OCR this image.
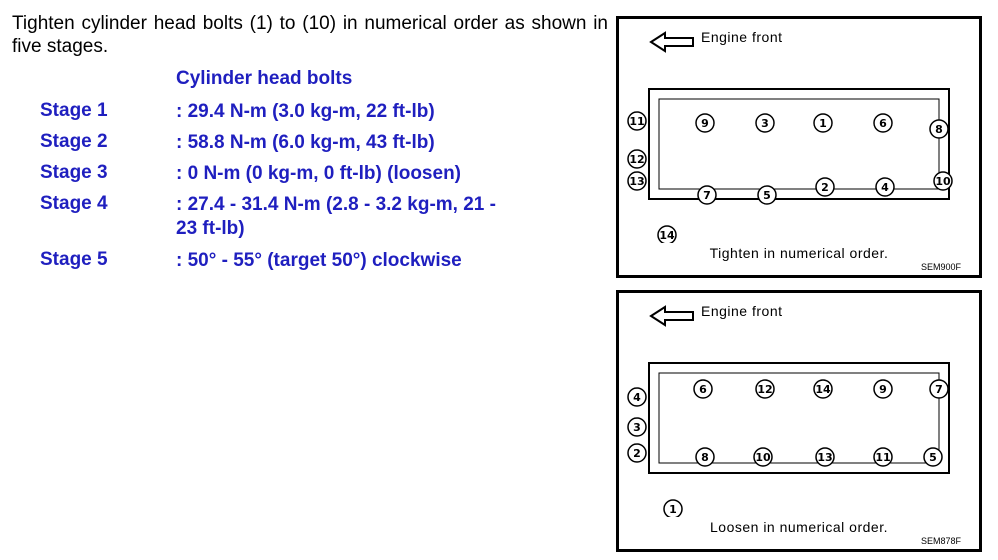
Tighten cylinder head bolts (1) to (10) in numerical order as shown in five stages.
Cylinder head bolts
Stage 1	: 29.4 N-m (3.0 kg-m, 22 ft-lb)
Stage 2	: 58.8 N-m (6.0 kg-m, 43 ft-lb)
Stage 3	: 0 N-m (0 kg-m, 0 ft-lb) (loosen)
Stage 4	: 27.4 - 31.4 N-m (2.8 - 3.2 kg-m, 21 - 23 ft-lb)
Stage 5	: 50° - 55° (target 50°) clockwise
Engine front
9	3	1	6	8
7	5
2	4	10
11
12
13
14
Tighten in numerical order.
SEM900F
Engine front
6	12	14	9	7
8	10	13	11	5
4
3
2
1
Loosen in numerical order.
SEM878F
